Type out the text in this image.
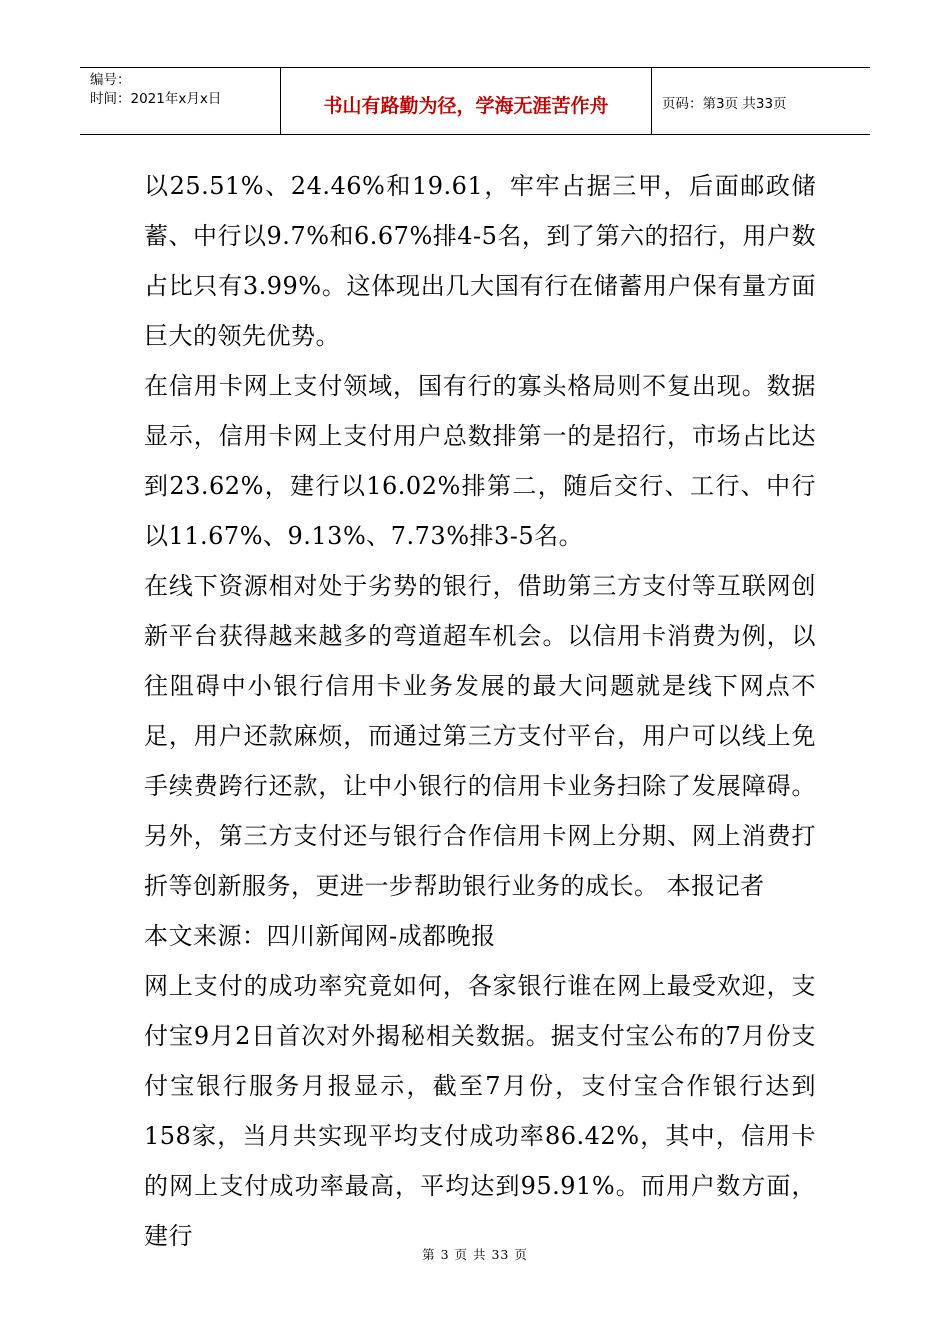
编号：
时间：2021年x月x日	书山有路勤为径，学海无涯苦作舟	页码：第3页 共33页

以25.51%、24.46%和19.61，牢牢占据三甲，后面邮政储蓄、中行以9.7%和6.67%排4-5名，到了第六的招行，用户数占比只有3.99%。这体现出几大国有行在储蓄用户保有量方面巨大的领先优势。

在信用卡网上支付领域，国有行的寡头格局则不复出现。数据显示，信用卡网上支付用户总数排第一的是招行，市场占比达到23.62%，建行以16.02%排第二，随后交行、工行、中行以11.67%、9.13%、7.73%排3-5名。

在线下资源相对处于劣势的银行，借助第三方支付等互联网创新平台获得越来越多的弯道超车机会。以信用卡消费为例，以往阻碍中小银行信用卡业务发展的最大问题就是线下网点不足，用户还款麻烦，而通过第三方支付平台，用户可以线上免手续费跨行还款，让中小银行的信用卡业务扫除了发展障碍。另外，第三方支付还与银行合作信用卡网上分期、网上消费打折等创新服务，更进一步帮助银行业务的成长。 本报记者

本文来源：四川新闻网-成都晚报

网上支付的成功率究竟如何，各家银行谁在网上最受欢迎，支付宝9月2日首次对外揭秘相关数据。据支付宝公布的7月份支付宝银行服务月报显示，截至7月份，支付宝合作银行达到158家，当月共实现平均支付成功率86.42%，其中，信用卡的网上支付成功率最高，平均达到95.91%。而用户数方面，建行

第 3 页 共 33 页
